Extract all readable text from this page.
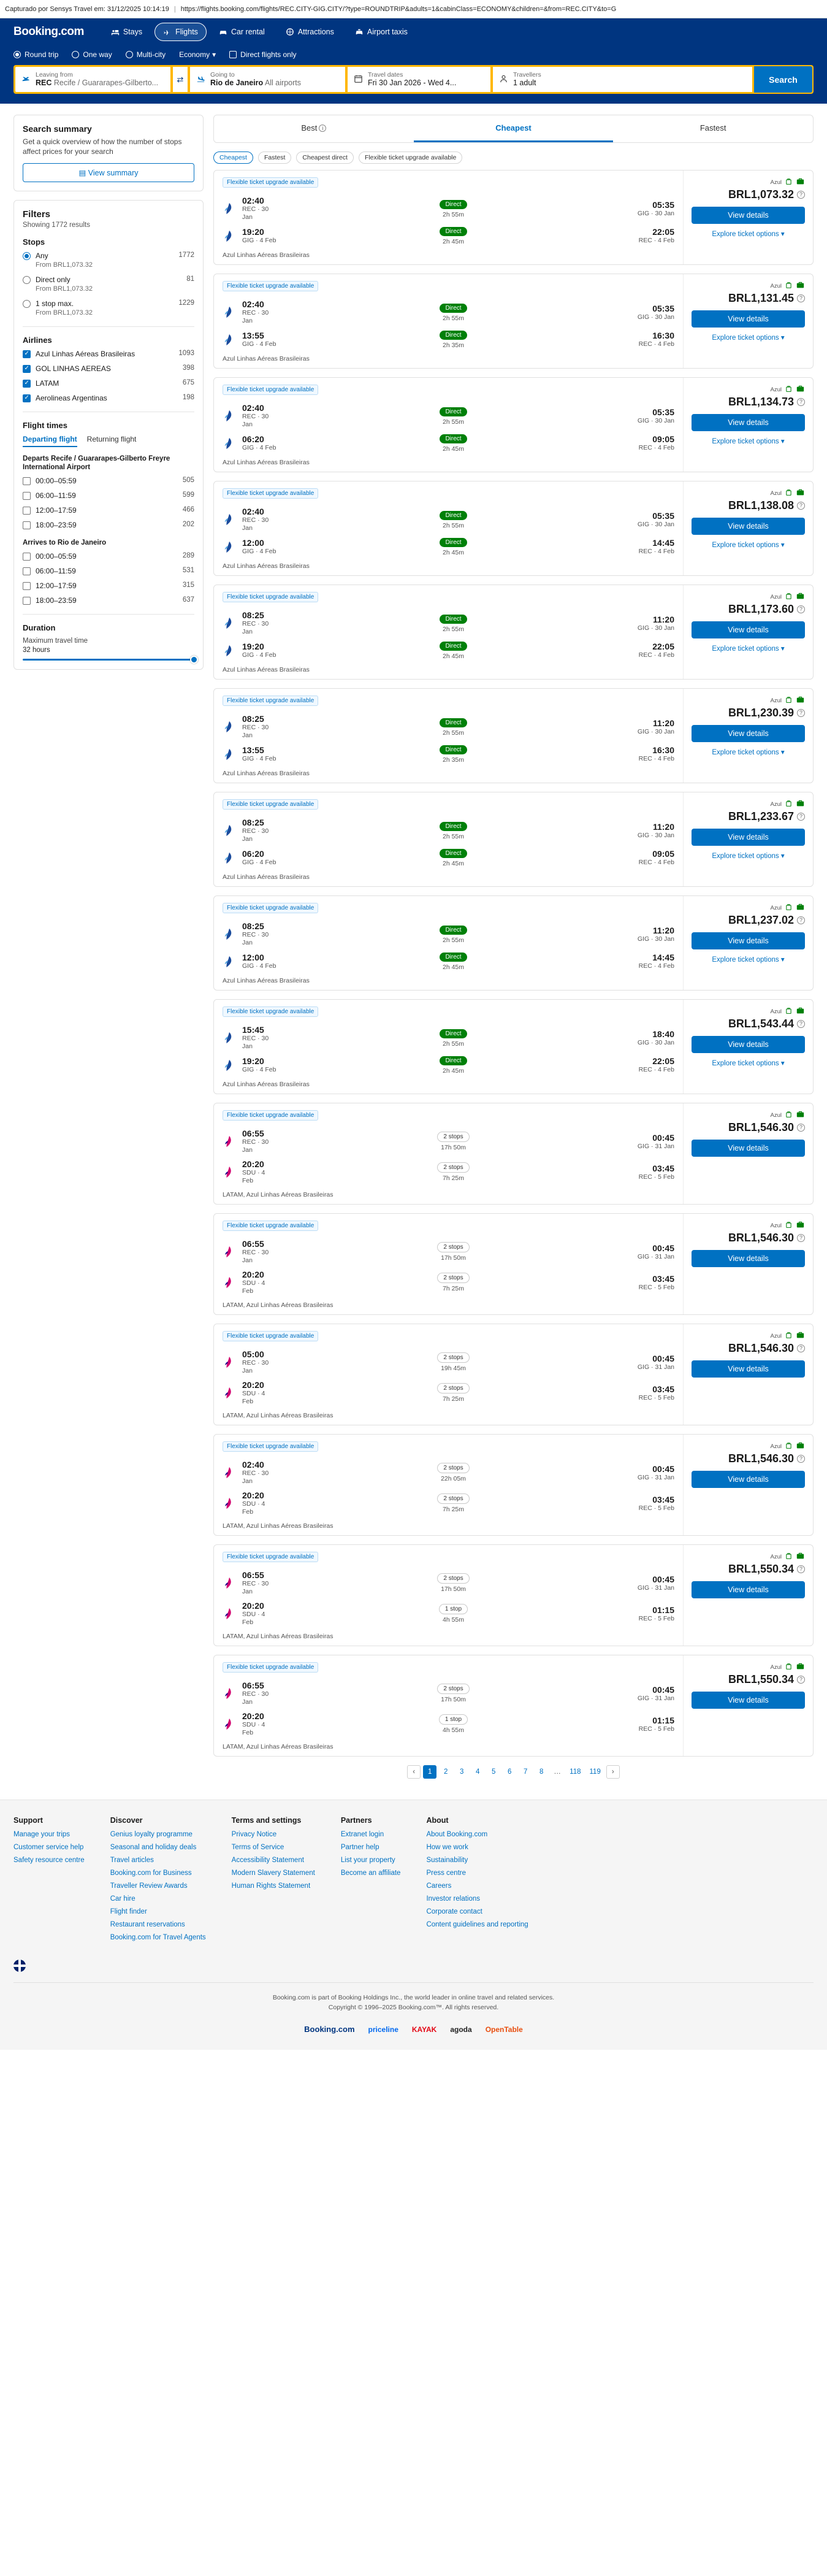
Capturado por Sensys Travel em: 31/12/2025 10:14:19 | https://flights.booking.com/flights/REC.CITY-GIG.CITY/?type=ROUNDTRIP&adults=1&cabinClass=ECONOMY&children=&from=REC.CITY&to=G
Booking.com	Stays	Flights	Car rental	Attractions	Airport taxis
Round trip	One way	Multi-city Economy ▾	Direct flights only
Leaving from
REC Recife / Guararapes-Gilberto... ⇄	Going to
Rio de Janeiro All airports
Travel dates
Fri 30 Jan 2026 - Wed 4...
Travellers
1 adult	Search
Search summary
Get a quick overview of how the number of stops affect prices for your search
▤ View summary
Filters
Showing 1772 results
Stops
Any
From BRL1,073.32
1772
Direct only
From BRL1,073.32
81
1 stop max.
From BRL1,073.32
1229
Airlines
✓
Azul Linhas Aéreas Brasileiras	1093
✓
GOL LINHAS AEREAS	398
✓
LATAM	675
✓
Aerolineas Argentinas	198
Flight times
Departing flight Returning flight
Departs Recife / Guararapes-Gilberto Freyre International Airport
00:00–05:59	505
06:00–11:59	599
12:00–17:59	466
18:00–23:59	202
Arrives to Rio de Janeiro
00:00–05:59	289
06:00–11:59	531
12:00–17:59	315
18:00–23:59	637
Duration
Maximum travel time
32 hours
Best i	Cheapest	Fastest
Cheapest	Fastest	Cheapest direct	Flexible ticket upgrade available
Flexible ticket upgrade available
02:40
REC · 30 Jan
Direct
2h 55m
05:35
GIG · 30 Jan
19:20
GIG · 4 Feb
Direct
2h 45m
22:05
REC · 4 Feb
Azul Linhas Aéreas Brasileiras
Azul
BRL1,073.32 ?
View details
Explore ticket options ▾
Flexible ticket upgrade available
02:40
REC · 30 Jan
Direct
2h 55m
05:35
GIG · 30 Jan
13:55
GIG · 4 Feb
Direct
2h 35m
16:30
REC · 4 Feb
Azul Linhas Aéreas Brasileiras
Azul
BRL1,131.45 ?
View details
Explore ticket options ▾
Flexible ticket upgrade available
02:40
REC · 30 Jan
Direct
2h 55m
05:35
GIG · 30 Jan
06:20
GIG · 4 Feb
Direct
2h 45m
09:05
REC · 4 Feb
Azul Linhas Aéreas Brasileiras
Azul
BRL1,134.73 ?
View details
Explore ticket options ▾
Flexible ticket upgrade available
02:40
REC · 30 Jan
Direct
2h 55m
05:35
GIG · 30 Jan
12:00
GIG · 4 Feb
Direct
2h 45m
14:45
REC · 4 Feb
Azul Linhas Aéreas Brasileiras
Azul
BRL1,138.08 ?
View details
Explore ticket options ▾
Flexible ticket upgrade available
08:25
REC · 30 Jan
Direct
2h 55m
11:20
GIG · 30 Jan
19:20
GIG · 4 Feb
Direct
2h 45m
22:05
REC · 4 Feb
Azul Linhas Aéreas Brasileiras
Azul
BRL1,173.60 ?
View details
Explore ticket options ▾
Flexible ticket upgrade available
08:25
REC · 30 Jan
Direct
2h 55m
11:20
GIG · 30 Jan
13:55
GIG · 4 Feb
Direct
2h 35m
16:30
REC · 4 Feb
Azul Linhas Aéreas Brasileiras
Azul
BRL1,230.39 ?
View details
Explore ticket options ▾
Flexible ticket upgrade available
08:25
REC · 30 Jan
Direct
2h 55m
11:20
GIG · 30 Jan
06:20
GIG · 4 Feb
Direct
2h 45m
09:05
REC · 4 Feb
Azul Linhas Aéreas Brasileiras
Azul
BRL1,233.67 ?
View details
Explore ticket options ▾
Flexible ticket upgrade available
08:25
REC · 30 Jan
Direct
2h 55m
11:20
GIG · 30 Jan
12:00
GIG · 4 Feb
Direct
2h 45m
14:45
REC · 4 Feb
Azul Linhas Aéreas Brasileiras
Azul
BRL1,237.02 ?
View details
Explore ticket options ▾
Flexible ticket upgrade available
15:45
REC · 30 Jan
Direct
2h 55m
18:40
GIG · 30 Jan
19:20
GIG · 4 Feb
Direct
2h 45m
22:05
REC · 4 Feb
Azul Linhas Aéreas Brasileiras
Azul
BRL1,543.44 ?
View details
Explore ticket options ▾
Flexible ticket upgrade available
06:55
REC · 30 Jan
2 stops
17h 50m
00:45
GIG · 31 Jan
20:20
SDU · 4 Feb
2 stops
7h 25m
03:45
REC · 5 Feb
LATAM, Azul Linhas Aéreas Brasileiras
Azul
BRL1,546.30 ?
View details
Flexible ticket upgrade available
06:55
REC · 30 Jan
2 stops
17h 50m
00:45
GIG · 31 Jan
20:20
SDU · 4 Feb
2 stops
7h 25m
03:45
REC · 5 Feb
LATAM, Azul Linhas Aéreas Brasileiras
Azul
BRL1,546.30 ?
View details
Flexible ticket upgrade available
05:00
REC · 30 Jan
2 stops
19h 45m
00:45
GIG · 31 Jan
20:20
SDU · 4 Feb
2 stops
7h 25m
03:45
REC · 5 Feb
LATAM, Azul Linhas Aéreas Brasileiras
Azul
BRL1,546.30 ?
View details
Flexible ticket upgrade available
02:40
REC · 30 Jan
2 stops
22h 05m
00:45
GIG · 31 Jan
20:20
SDU · 4 Feb
2 stops
7h 25m
03:45
REC · 5 Feb
LATAM, Azul Linhas Aéreas Brasileiras
Azul
BRL1,546.30 ?
View details
Flexible ticket upgrade available
06:55
REC · 30 Jan
2 stops
17h 50m
00:45
GIG · 31 Jan
20:20
SDU · 4 Feb
1 stop
4h 55m
01:15
REC · 5 Feb
LATAM, Azul Linhas Aéreas Brasileiras
Azul
BRL1,550.34 ?
View details
Flexible ticket upgrade available
06:55
REC · 30 Jan
2 stops
17h 50m
00:45
GIG · 31 Jan
20:20
SDU · 4 Feb
1 stop
4h 55m
01:15
REC · 5 Feb
LATAM, Azul Linhas Aéreas Brasileiras
Azul
BRL1,550.34 ?
View details
‹	1	2	3	4	5	6	7	8	…	118	119	›
Support
Manage your trips
Customer service help
Safety resource centre
Discover
Genius loyalty programme
Seasonal and holiday deals
Travel articles
Booking.com for Business
Traveller Review Awards
Car hire
Flight finder
Restaurant reservations
Booking.com for Travel Agents
Terms and settings
Privacy Notice
Terms of Service
Accessibility Statement
Modern Slavery Statement
Human Rights Statement
Partners
Extranet login
Partner help
List your property
Become an affiliate
About
About Booking.com
How we work
Sustainability
Press centre
Careers
Investor relations
Corporate contact
Content guidelines and reporting
Booking.com is part of Booking Holdings Inc., the world leader in online travel and related services.
Copyright © 1996–2025 Booking.com™. All rights reserved.
Booking.com priceline KAYAK agoda OpenTable
